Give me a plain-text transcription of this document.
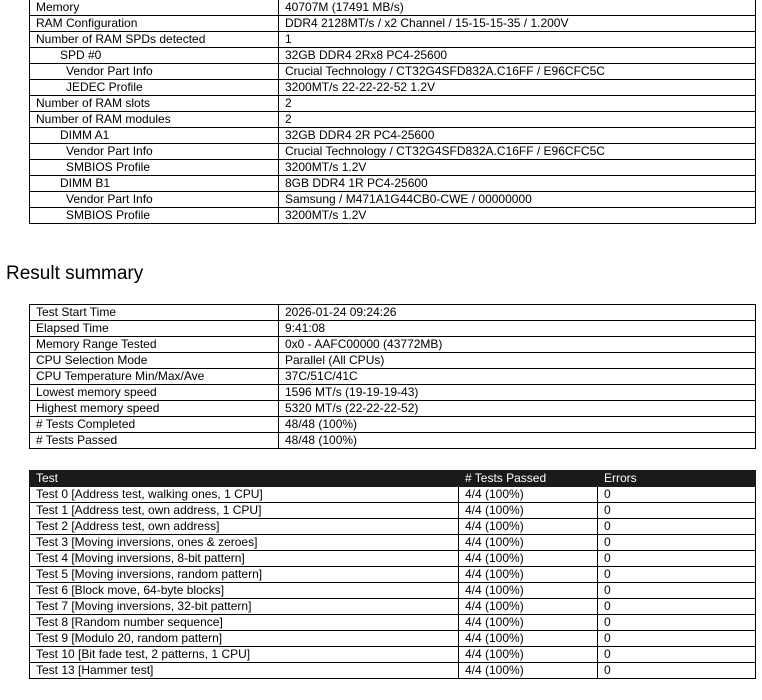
Memory	40707M (17491 MB/s)
RAM Configuration	DDR4 2128MT/s / x2 Channel / 15-15-15-35 / 1.200V
Number of RAM SPDs detected	1
SPD #0	32GB DDR4 2Rx8 PC4-25600
Vendor Part Info	Crucial Technology / CT32G4SFD832A.C16FF / E96CFC5C
JEDEC Profile	3200MT/s 22-22-22-52 1.2V
Number of RAM slots	2
Number of RAM modules	2
DIMM A1	32GB DDR4 2R PC4-25600
Vendor Part Info	Crucial Technology / CT32G4SFD832A.C16FF / E96CFC5C
SMBIOS Profile	3200MT/s 1.2V
DIMM B1	8GB DDR4 1R PC4-25600
Vendor Part Info	Samsung / M471A1G44CB0-CWE / 00000000
SMBIOS Profile	3200MT/s 1.2V
Result summary
Test Start Time	2026-01-24 09:24:26
Elapsed Time	9:41:08
Memory Range Tested	0x0 - AAFC00000 (43772MB)
CPU Selection Mode	Parallel (All CPUs)
CPU Temperature Min/Max/Ave	37C/51C/41C
Lowest memory speed	1596 MT/s (19-19-19-43)
Highest memory speed	5320 MT/s (22-22-22-52)
# Tests Completed	48/48 (100%)
# Tests Passed	48/48 (100%)
Test	# Tests Passed	Errors
Test 0 [Address test, walking ones, 1 CPU]	4/4 (100%)	0
Test 1 [Address test, own address, 1 CPU]	4/4 (100%)	0
Test 2 [Address test, own address]	4/4 (100%)	0
Test 3 [Moving inversions, ones & zeroes]	4/4 (100%)	0
Test 4 [Moving inversions, 8-bit pattern]	4/4 (100%)	0
Test 5 [Moving inversions, random pattern]	4/4 (100%)	0
Test 6 [Block move, 64-byte blocks]	4/4 (100%)	0
Test 7 [Moving inversions, 32-bit pattern]	4/4 (100%)	0
Test 8 [Random number sequence]	4/4 (100%)	0
Test 9 [Modulo 20, random pattern]	4/4 (100%)	0
Test 10 [Bit fade test, 2 patterns, 1 CPU]	4/4 (100%)	0
Test 13 [Hammer test]	4/4 (100%)	0
